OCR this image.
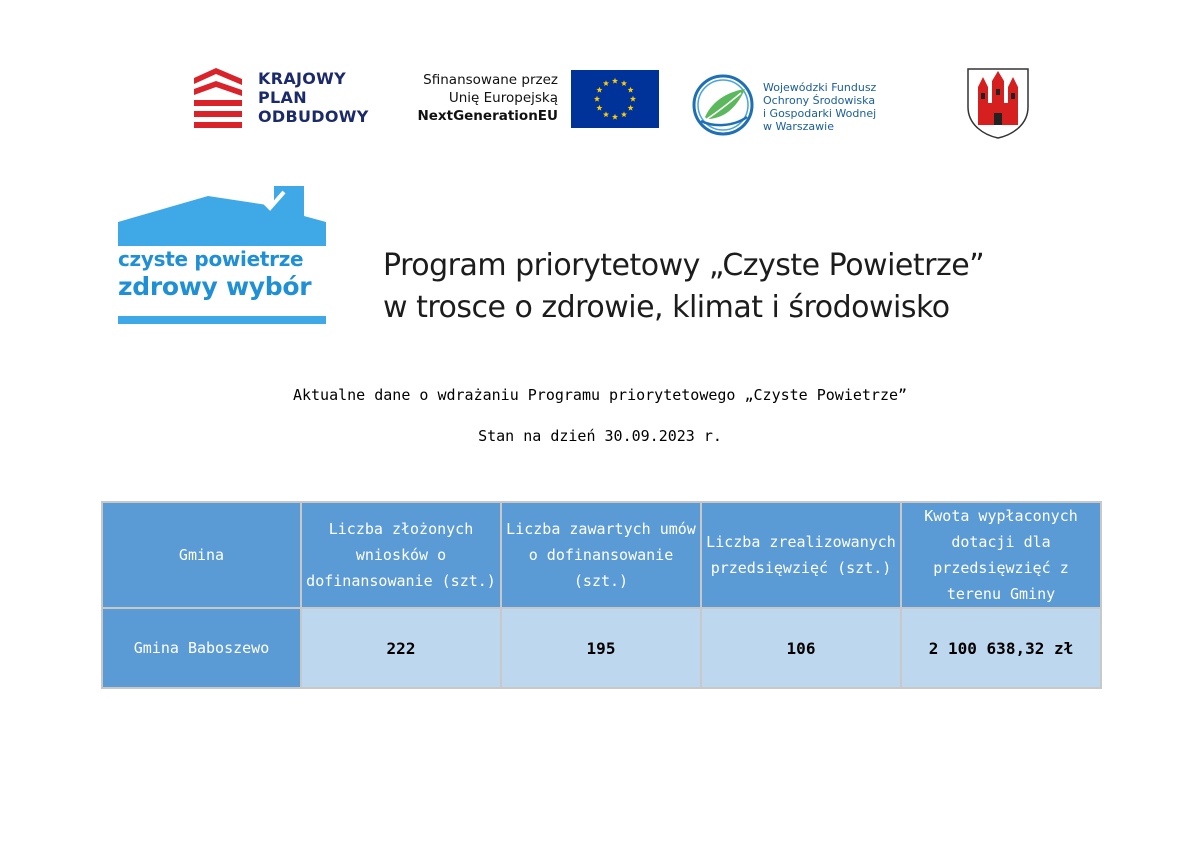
KRAJOWY
PLAN
ODBUDOWY
Sfinansowane przez
Unię Europejską
NextGenerationEU
Wojewódzki Fundusz
Ochrony Środowiska
i Gospodarki Wodnej
w Warszawie
czyste powietrze
zdrowy wybór
Program priorytetowy „Czyste Powietrze”
w trosce o zdrowie, klimat i środowisko
Aktualne dane o wdrażaniu Programu priorytetowego „Czyste Powietrze”
Stan na dzień 30.09.2023 r.
Gmina	Liczba złożonych wniosków o dofinansowanie (szt.)	Liczba zawartych umów o dofinansowanie (szt.)	Liczba zrealizowanych przedsięwzięć (szt.)	Kwota wypłaconych dotacji dla przedsięwzięć z terenu Gminy
Gmina Baboszewo	222	195	106	2 100 638,32 zł
